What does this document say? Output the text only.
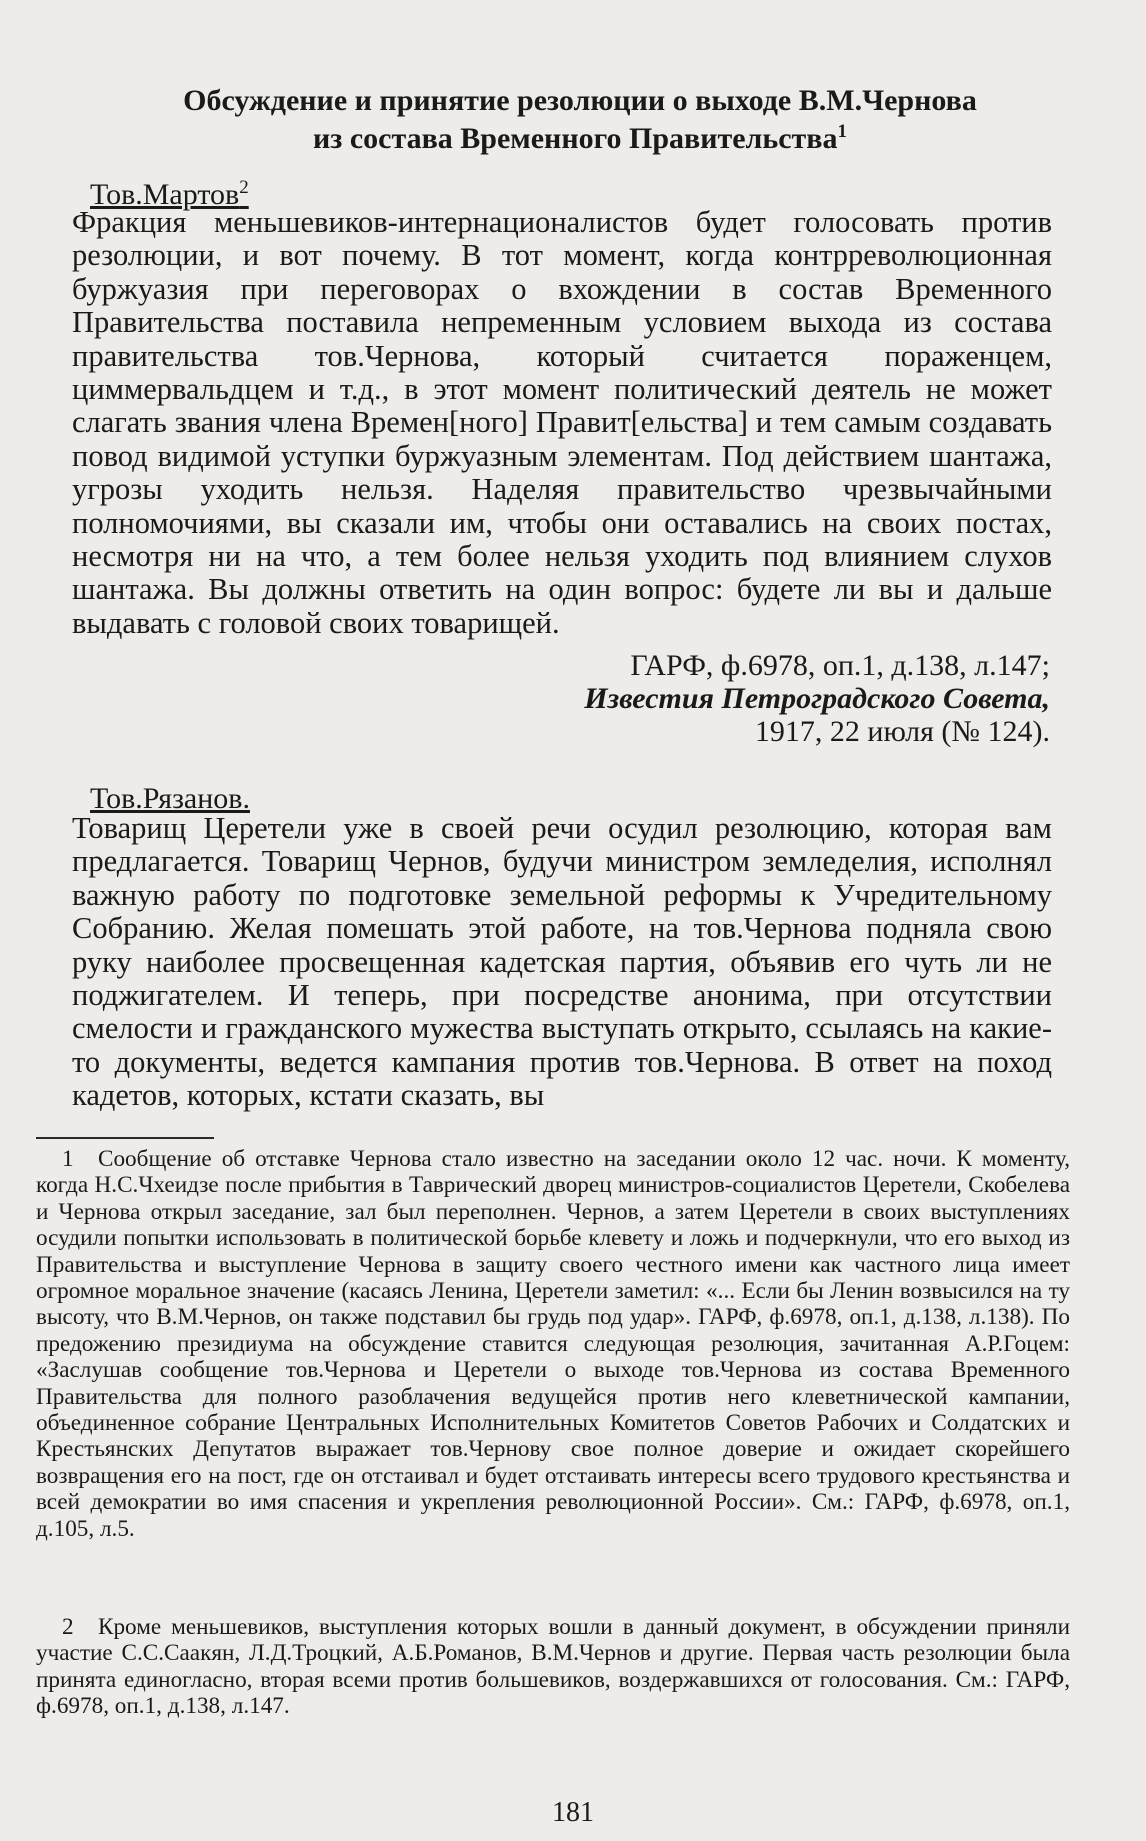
Обсуждение и принятие резолюции о выходе В.М.Чернова
из состава Временного Правительства$^1$
Тов.Мартов$^2$

Фракция меньшевиков-интернационалистов будет голосовать против резолюции, и вот почему. В тот момент, когда контрреволюционная буржуазия при переговорах о вхождении в состав Временного Правительства поставила непременным условием выхода из состава правительства тов.Чернова, который считается пораженцем, циммервальдцем и т.д., в этот момент политический деятель не может слагать звания члена Времен[ного] Правит[ельства] и тем самым создавать повод видимой уступки буржуазным элементам. Под действием шантажа, угрозы уходить нельзя. Наделяя правительство чрезвычайными полномочиями, вы сказали им, чтобы они оставались на своих постах, несмотря ни на что, а тем более нельзя уходить под влиянием слухов шантажа. Вы должны ответить на один вопрос: будете ли вы и дальше выдавать с головой своих товарищей.

ГАРФ, ф.6978, оп.1, д.138, л.147;
Известия Петроградского Совета,
1917, 22 июля (№ 124).
Тов.Рязанов.

Товарищ Церетели уже в своей речи осудил резолюцию, которая вам предлагается. Товарищ Чернов, будучи министром земледелия, исполнял важную работу по подготовке земельной реформы к Учредительному Собранию. Желая помешать этой работе, на тов.Чернова подняла свою руку наиболее просвещенная кадетская партия, объявив его чуть ли не поджигателем. И теперь, при посредстве анонима, при отсутствии смелости и гражданского мужества выступать открыто, ссылаясь на какие-то документы, ведется кампания против тов.Чернова. В ответ на поход кадетов, которых, кстати сказать, вы

1 Сообщение об отставке Чернова стало известно на заседании около 12 час. ночи. К моменту, когда Н.С.Чхеидзе после прибытия в Таврический дворец министров-социалистов Церетели, Скобелева и Чернова открыл заседание, зал был переполнен. Чернов, а затем Церетели в своих выступлениях осудили попытки использовать в политической борьбе клевету и ложь и подчеркнули, что его выход из Правительства и выступление Чернова в защиту своего честного имени как частного лица имеет огромное моральное значение (касаясь Ленина, Церетели заметил: «... Если бы Ленин возвысился на ту высоту, что В.М.Чернов, он также подставил бы грудь под удар». ГАРФ, ф.6978, оп.1, д.138, л.138). По предожению президиума на обсуждение ставится следующая резолюция, зачитанная А.Р.Гоцем: «Заслушав сообщение тов.Чернова и Церетели о выходе тов.Чернова из состава Временного Правительства для полного разоблачения ведущейся против него клеветнической кампании, объединенное собрание Центральных Исполнительных Комитетов Советов Рабочих и Солдатских и Крестьянских Депутатов выражает тов.Чернову свое полное доверие и ожидает скорейшего возвращения его на пост, где он отстаивал и будет отстаивать интересы всего трудового крестьянства и всей демократии во имя спасения и укрепления революционной России». См.: ГАРФ, ф.6978, оп.1, д.105, л.5.
2 Кроме меньшевиков, выступления которых вошли в данный документ, в обсуждении приняли участие С.С.Саакян, Л.Д.Троцкий, А.Б.Романов, В.М.Чернов и другие. Первая часть резолюции была принята единогласно, вторая всеми против большевиков, воздержавшихся от голосования. См.: ГАРФ, ф.6978, оп.1, д.138, л.147.
181
